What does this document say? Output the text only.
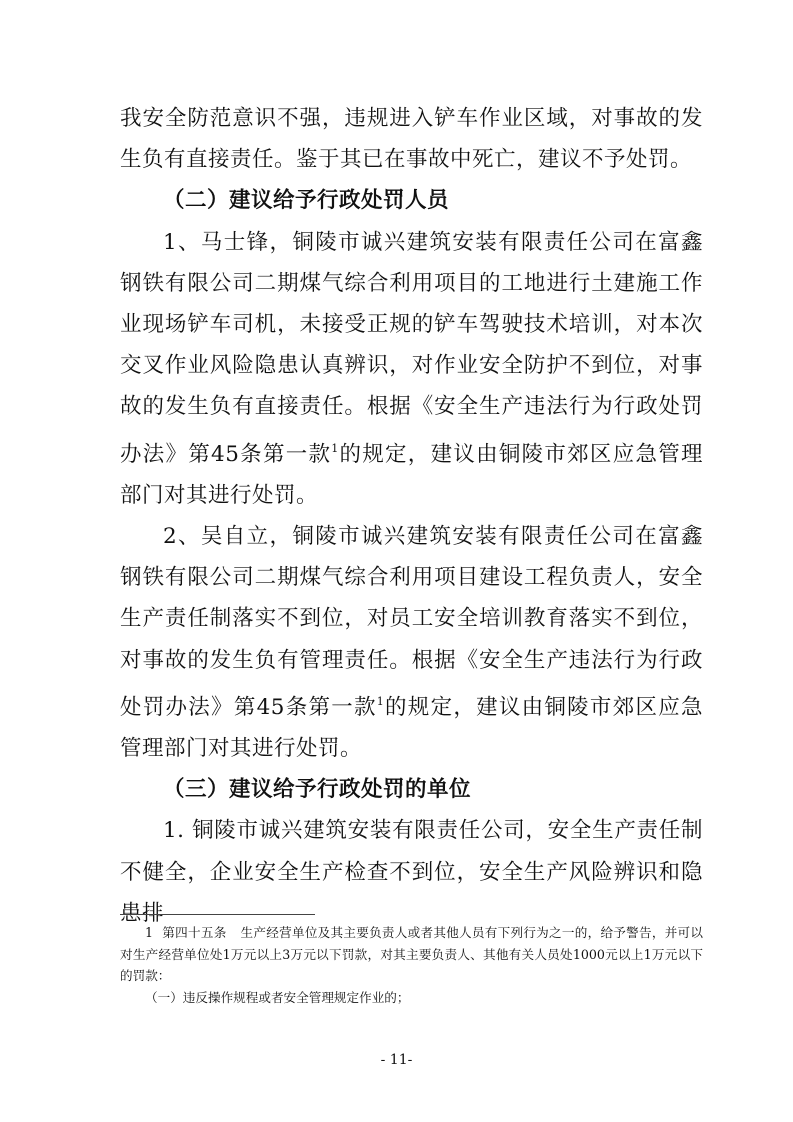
我安全防范意识不强，违规进入铲车作业区域，对事故的发生负有直接责任。鉴于其已在事故中死亡，建议不予处罚。

（二）建议给予行政处罚人员

1、马士锋，铜陵市诚兴建筑安装有限责任公司在富鑫钢铁有限公司二期煤气综合利用项目的工地进行土建施工作业现场铲车司机，未接受正规的铲车驾驶技术培训，对本次交叉作业风险隐患认真辨识，对作业安全防护不到位，对事故的发生负有直接责任。根据《安全生产违法行为行政处罚办法》第45条第一款$^1$的规定，建议由铜陵市郊区应急管理部门对其进行处罚。

2、吴自立，铜陵市诚兴建筑安装有限责任公司在富鑫钢铁有限公司二期煤气综合利用项目建设工程负责人，安全生产责任制落实不到位，对员工安全培训教育落实不到位，对事故的发生负有管理责任。根据《安全生产违法行为行政处罚办法》第45条第一款$^1$的规定，建议由铜陵市郊区应急管理部门对其进行处罚。

（三）建议给予行政处罚的单位

1. 铜陵市诚兴建筑安装有限责任公司，安全生产责任制不健全，企业安全生产检查不到位，安全生产风险辨识和隐患排

1 第四十五条 生产经营单位及其主要负责人或者其他人员有下列行为之一的，给予警告，并可以对生产经营单位处1万元以上3万元以下罚款，对其主要负责人、其他有关人员处1000元以上1万元以下的罚款：

（一）违反操作规程或者安全管理规定作业的；

- 11-
